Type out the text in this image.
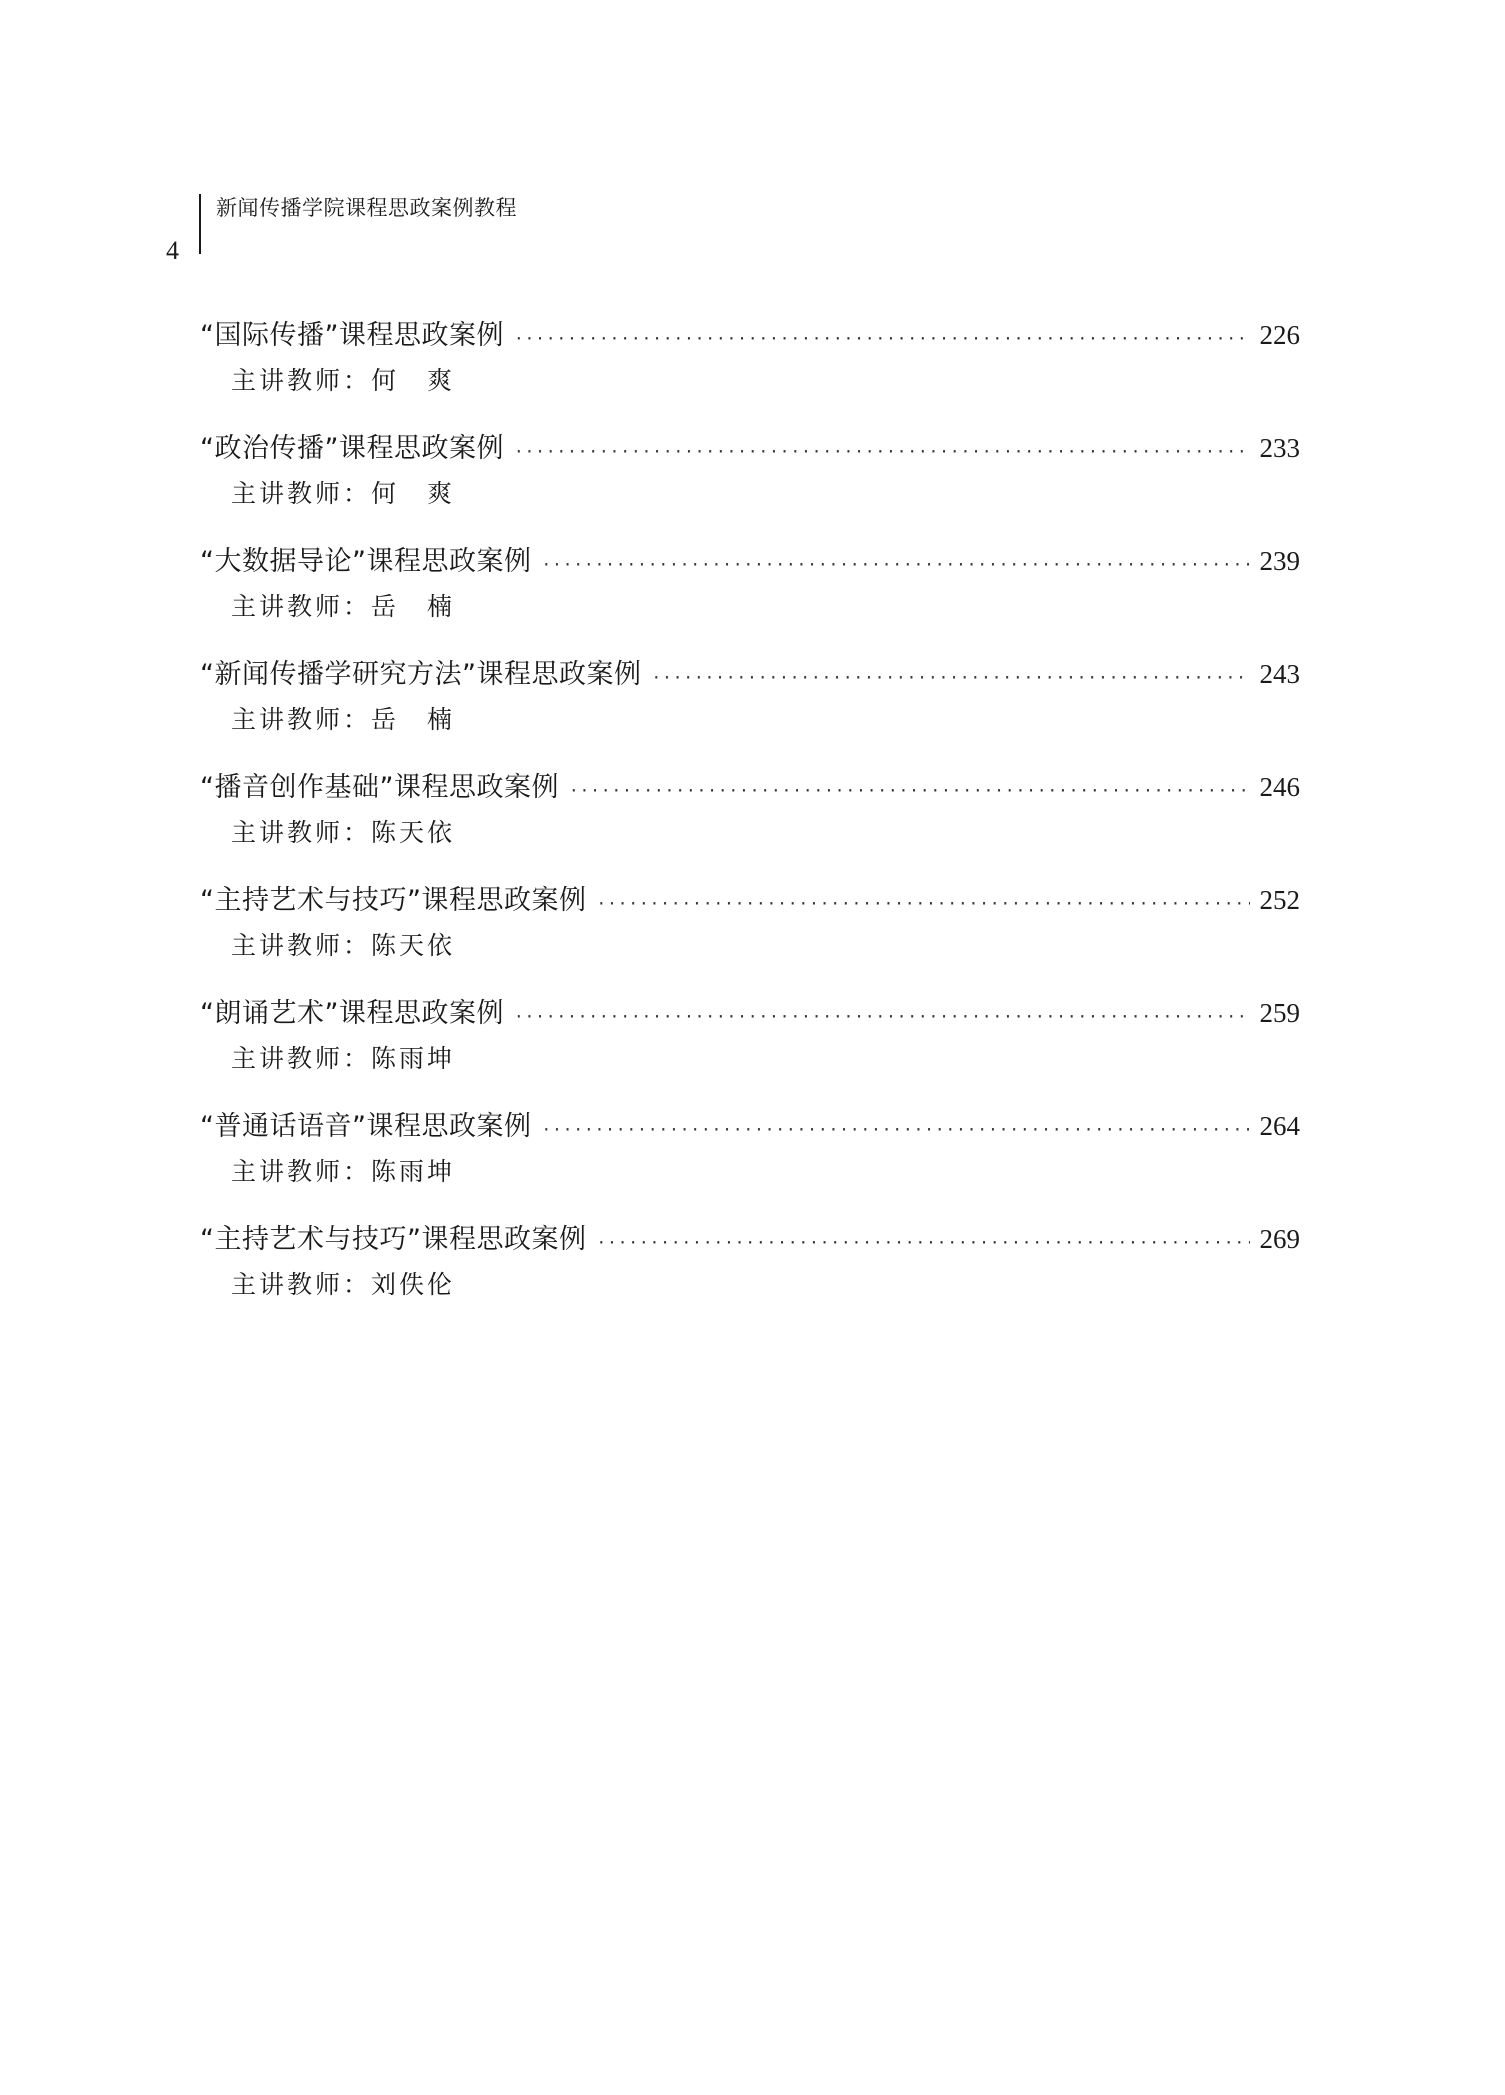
4
新闻传播学院课程思政案例教程
“国际传播”课程思政案例 ·····	226
主讲教师：何　爽
“政治传播”课程思政案例 ·····	233
主讲教师：何　爽
“大数据导论”课程思政案例 ·····	239
主讲教师：岳　楠
“新闻传播学研究方法”课程思政案例 ·····	243
主讲教师：岳　楠
“播音创作基础”课程思政案例 ·····	246
主讲教师：陈天依
“主持艺术与技巧”课程思政案例 ·····	252
主讲教师：陈天依
“朗诵艺术”课程思政案例 ·····	259
主讲教师：陈雨坤
“普通话语音”课程思政案例 ·····	264
主讲教师：陈雨坤
“主持艺术与技巧”课程思政案例 ·····	269
主讲教师：刘佚伦
